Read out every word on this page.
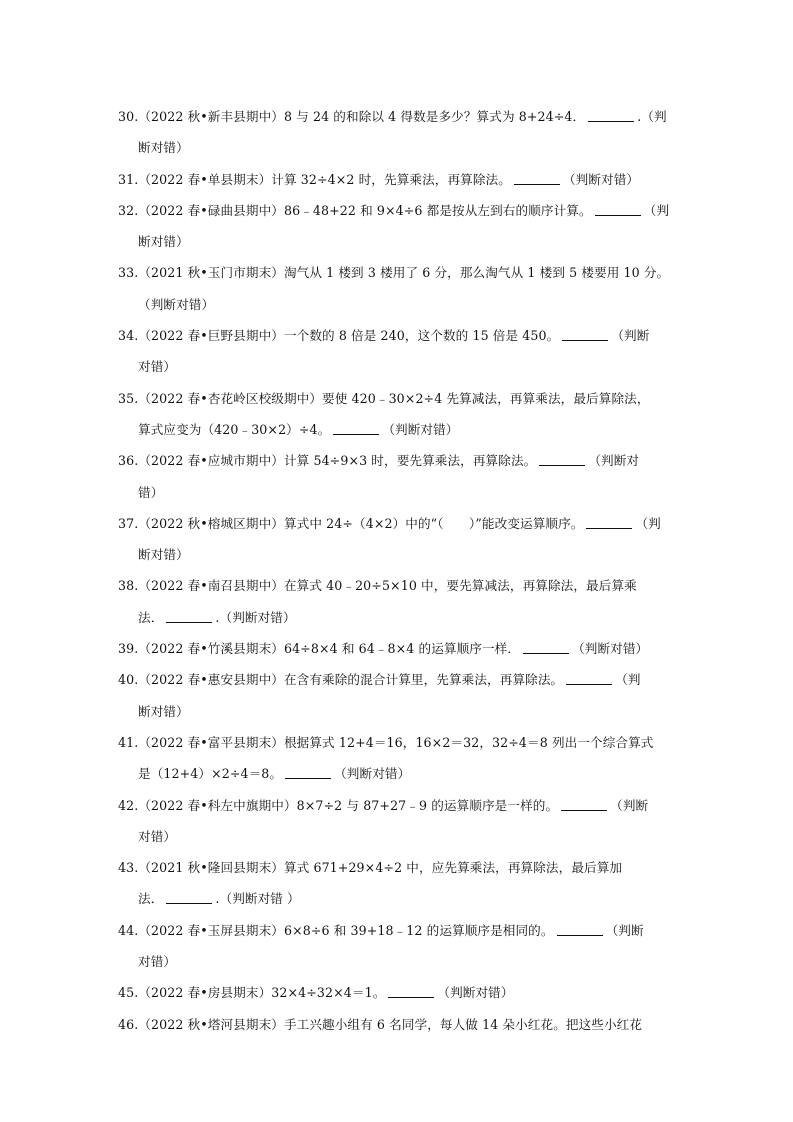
30.（2022 秋•新丰县期中）8 与 24 的和除以 4 得数是多少？算式为 8+24÷4．	.（判
断对错）
31.（2022 春•单县期末）计算 32÷4×2 时，先算乘法，再算除法。	（判断对错）
32.（2022 春•碌曲县期中）86﹣48+22 和 9×4÷6 都是按从左到右的顺序计算。	（判
断对错）
33.（2021 秋•玉门市期末）淘气从 1 楼到 3 楼用了 6 分，那么淘气从 1 楼到 5 楼要用 10 分。
（判断对错）
34.（2022 春•巨野县期中）一个数的 8 倍是 240，这个数的 15 倍是 450。	（判断
对错）
35.（2022 春•杏花岭区校级期中）要使 420﹣30×2÷4 先算减法，再算乘法，最后算除法，
算式应变为（420﹣30×2）÷4。	（判断对错）
36.（2022 春•应城市期中）计算 54÷9×3 时，要先算乘法，再算除法。	（判断对
错）
37.（2022 秋•榕城区期中）算式中 24÷（4×2）中的“（　　）”能改变运算顺序。	（判
断对错）
38.（2022 春•南召县期中）在算式 40﹣20÷5×10 中，要先算减法，再算除法，最后算乘
法．	.（判断对错）
39.（2022 春•竹溪县期末）64÷8×4 和 64﹣8×4 的运算顺序一样．	（判断对错）
40.（2022 春•惠安县期中）在含有乘除的混合计算里，先算乘法，再算除法。	（判
断对错）
41.（2022 春•富平县期末）根据算式 12+4＝16，16×2＝32，32÷4＝8 列出一个综合算式
是（12+4）×2÷4＝8。	（判断对错）
42.（2022 春•科左中旗期中）8×7÷2 与 87+27﹣9 的运算顺序是一样的。	（判断
对错）
43.（2021 秋•隆回县期末）算式 671+29×4÷2 中，应先算乘法，再算除法，最后算加
法．	.（判断对错 ）
44.（2022 春•玉屏县期末）6×8÷6 和 39+18﹣12 的运算顺序是相同的。	（判断
对错）
45.（2022 春•房县期末）32×4÷32×4＝1。	（判断对错）
46.（2022 秋•塔河县期末）手工兴趣小组有 6 名同学，每人做 14 朵小红花。把这些小红花
